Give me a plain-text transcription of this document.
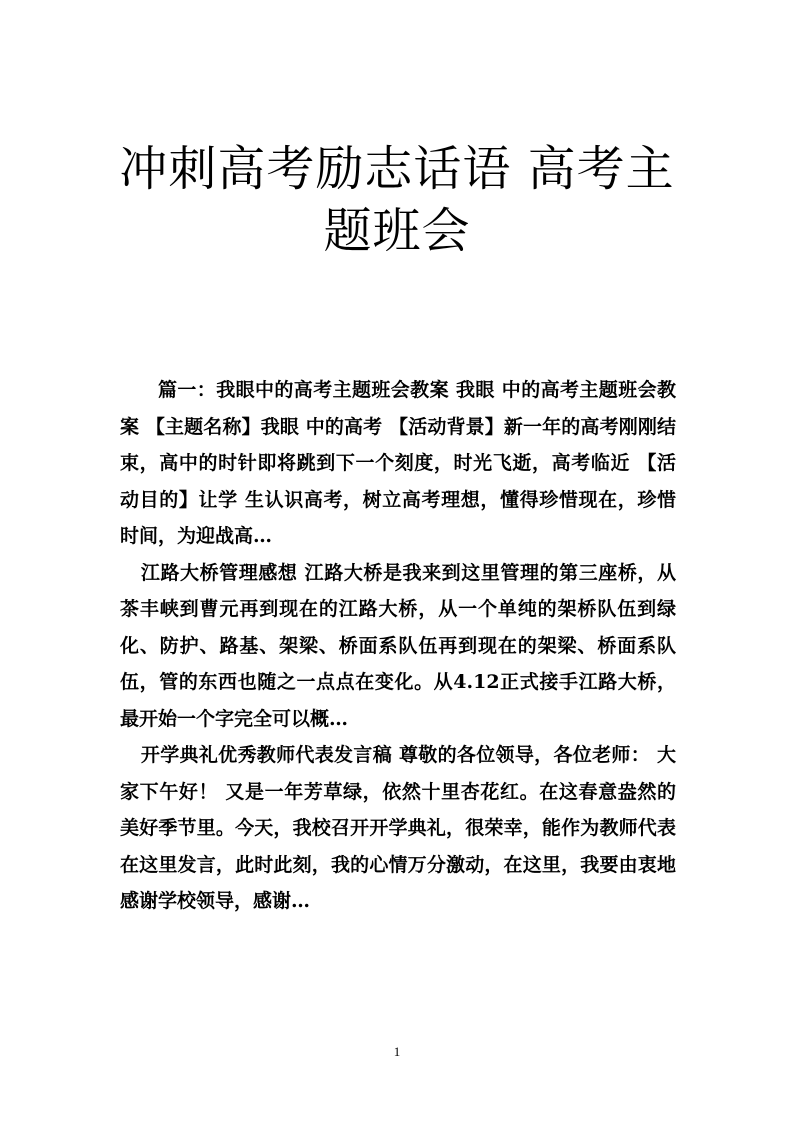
冲刺高考励志话语 高考主题班会

篇一：我眼中的高考主题班会教案 我眼 中的高考主题班会教案 【主题名称】我眼 中的高考 【活动背景】新一年的高考刚刚结束，高中的时针即将跳到下一个刻度，时光飞逝，高考临近 【活动目的】让学 生认识高考，树立高考理想，懂得珍惜现在，珍惜时间，为迎战高…

江路大桥管理感想 江路大桥是我来到这里管理的第三座桥，从茶丰峡到曹元再到现在的江路大桥，从一个单纯的架桥队伍到绿化、防护、路基、架梁、桥面系队伍再到现在的架梁、桥面系队伍，管的东西也随之一点点在变化。从4.12正式接手江路大桥，最开始一个字完全可以概…

开学典礼优秀教师代表发言稿 尊敬的各位领导，各位老师： 大家下午好！ 又是一年芳草绿，依然十里杏花红。在这春意盎然的美好季节里。今天，我校召开开学典礼，很荣幸，能作为教师代表在这里发言，此时此刻，我的心情万分激动，在这里，我要由衷地感谢学校领导，感谢…

1
